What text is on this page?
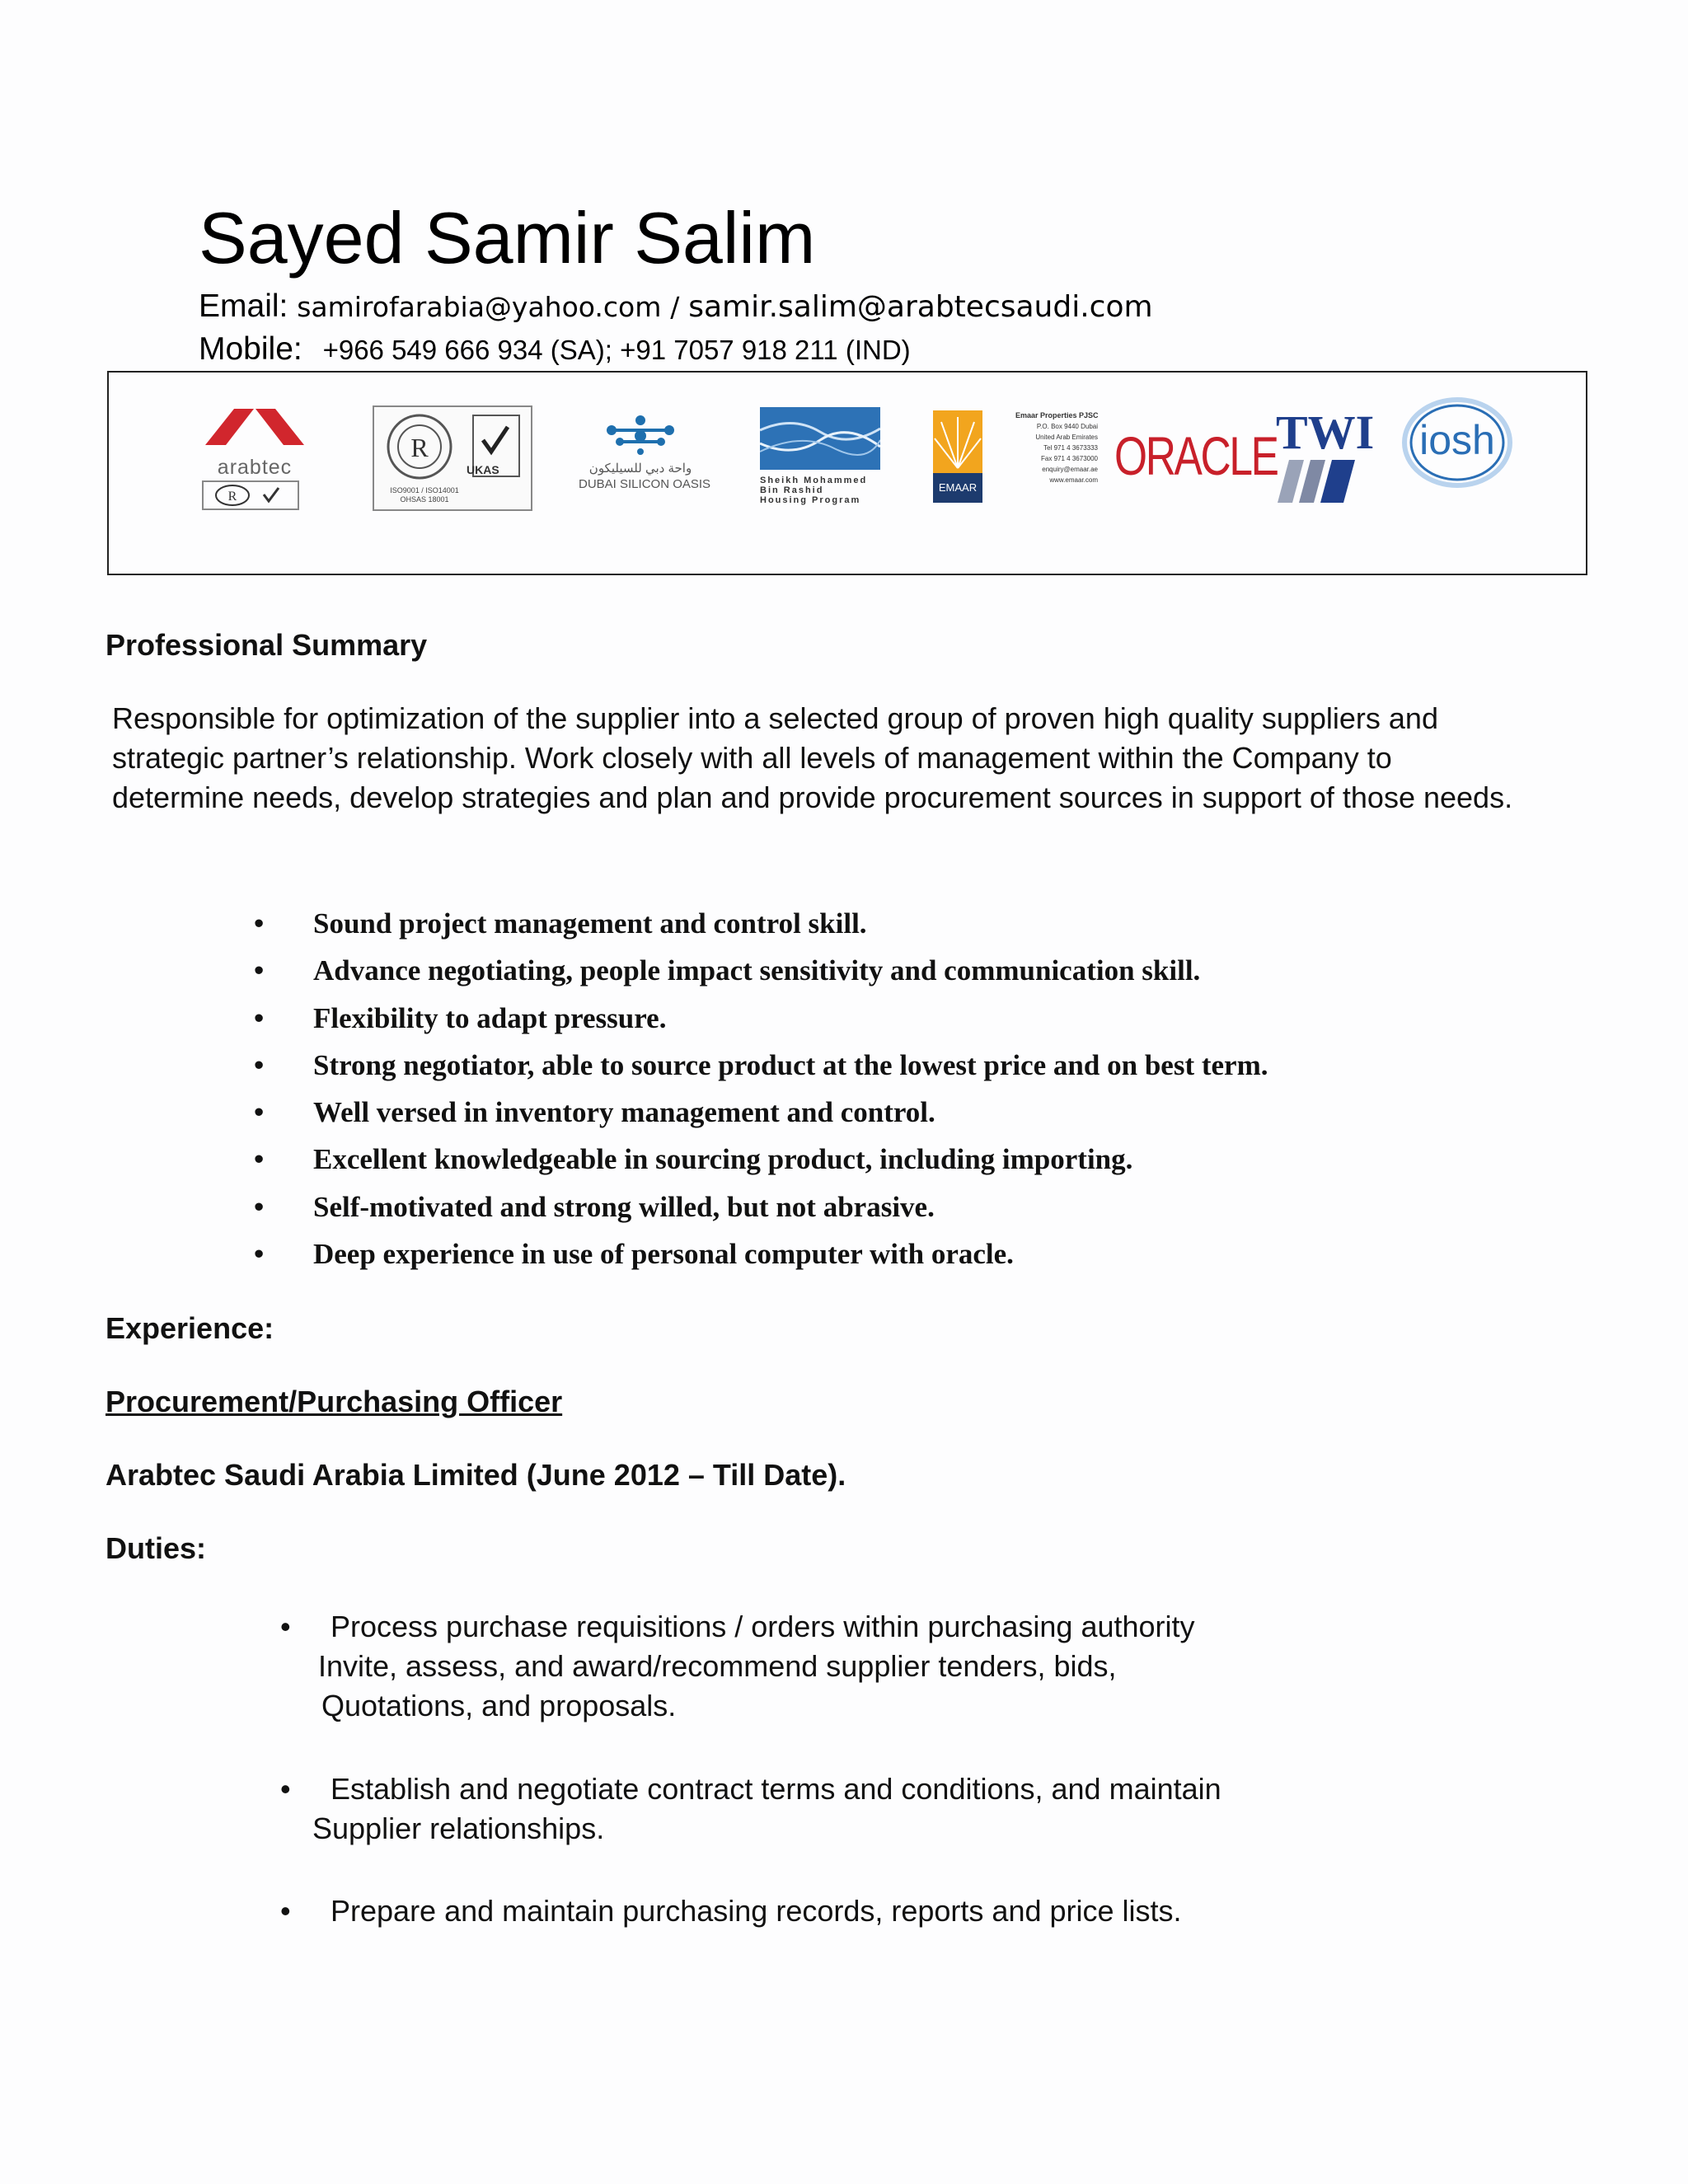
Sayed Samir Salim
Email: samirofarabia@yahoo.com / samir.salim@arabtecsaudi.com
Mobile: +966 549 666 934 (SA); +91 7057 918 211 (IND)
arabtec
R
R
UKAS
ISO9001 / ISO14001 OHSAS 18001
واحة دبي للسيليكون
DUBAI SILICON OASIS	Sheikh Mohammed Bin Rashid Housing Program
EMAAR
Emaar Properties PJSC
P.O. Box 9440 Dubai
United Arab Emirates
Tel 971 4 3673333
Fax 971 4 3673000
enquiry@emaar.ae
www.emaar.com ORACLE
TWI	iosh
Professional Summary
Responsible for optimization of the supplier into a selected group of proven high quality suppliers and strategic partner’s relationship. Work closely with all levels of management within the Company to determine needs, develop strategies and plan and provide procurement sources in support of those needs.
• Sound project management and control skill.
• Advance negotiating, people impact sensitivity and communication skill.
• Flexibility to adapt pressure.
• Strong negotiator, able to source product at the lowest price and on best term.
• Well versed in inventory management and control.
• Excellent knowledgeable in sourcing product, including importing.
• Self-motivated and strong willed, but not abrasive.
• Deep experience in use of personal computer with oracle.
Experience:
Procurement/Purchasing Officer
Arabtec Saudi Arabia Limited (June 2012 – Till Date).
Duties:
• Process purchase requisitions / orders within purchasing authority
Invite, assess, and award/recommend supplier tenders, bids,
Quotations, and proposals.
• Establish and negotiate contract terms and conditions, and maintain
Supplier relationships.
• Prepare and maintain purchasing records, reports and price lists.
